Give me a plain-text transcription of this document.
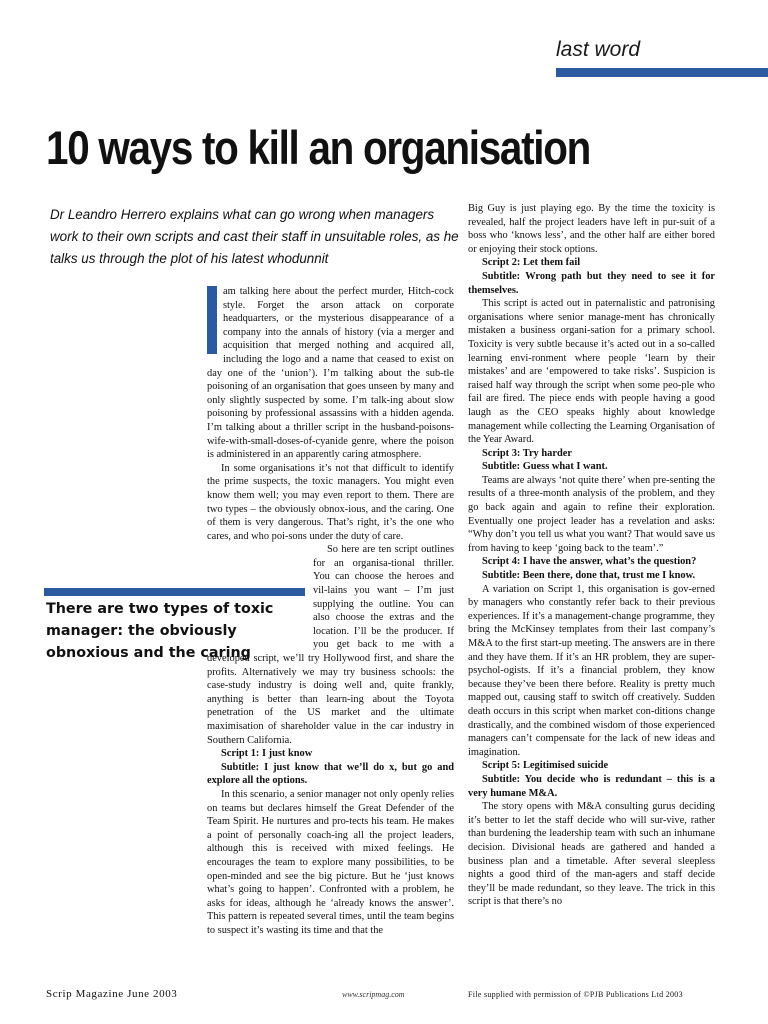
last word
10 ways to kill an organisation
Dr Leandro Herrero explains what can go wrong when managers work to their own scripts and cast their staff in unsuitable roles, as he talks us through the plot of his latest whodunnit

am talking here about the perfect murder, Hitch-cock style. Forget the arson attack on corporate headquarters, or the mysterious disappearance of a company into the annals of history (via a merger and acquisition that merged nothing and acquired all, including the logo and a name that ceased to exist on day one of the ‘union’). I’m talking about the sub-tle poisoning of an organisation that goes unseen by many and only slightly suspected by some. I’m talk-ing about slow poisoning by professional assassins with a hidden agenda. I’m talking about a thriller script in the husband-poisons-wife-with-small-doses-of-cyanide genre, where the poison is administered in an apparently caring atmosphere.

In some organisations it’s not that difficult to identify the prime suspects, the toxic managers. You might even know them well; you may even report to them. There are two types – the obviously obnox-ious, and the caring. One of them is very dangerous. That’s right, it’s the one who cares, and who poi-sons under the duty of care.

So here are ten script outlines for an organisa-tional thriller. You can choose the heroes and vil-lains you want – I’m just supplying the outline. You can also choose the extras and the location. I’ll be the producer. If you get back to me with a developed script, we’ll try Hollywood first, and share the profits. Alternatively we may try business schools: the case-study industry is doing well and, quite frankly, anything is better than learn-ing about the Toyota penetration of the US market and the ultimate maximisation of shareholder value in the car industry in Southern California.

Script 1: I just know

Subtitle: I just know that we’ll do x, but go and explore all the options.

In this scenario, a senior manager not only openly relies on teams but declares himself the Great Defender of the Team Spirit. He nurtures and pro-tects his team. He makes a point of personally coach-ing all the project leaders, although this is received with mixed feelings. He encourages the team to explore many possibilities, to be open-minded and see the big picture. But he ‘just knows what’s going to happen’. Confronted with a problem, he asks for ideas, although he ‘already knows the answer’. This pattern is repeated several times, until the team begins to suspect it’s wasting its time and that the

Big Guy is just playing ego. By the time the toxicity is revealed, half the project leaders have left in pur-suit of a boss who ‘knows less’, and the other half are either bored or enjoying their stock options.

Script 2: Let them fail

Subtitle: Wrong path but they need to see it for themselves.

This script is acted out in paternalistic and patronising organisations where senior manage-ment has chronically mistaken a business organi-sation for a primary school. Toxicity is very subtle because it’s acted out in a so-called learning envi-ronment where people ‘learn by their mistakes’ and are ‘empowered to take risks’. Suspicion is raised half way through the script when some peo-ple who fail are fired. The piece ends with people having a good laugh as the CEO speaks highly about knowledge management while collecting the Learning Organisation of the Year Award.

Script 3: Try harder

Subtitle: Guess what I want.

Teams are always ‘not quite there’ when pre-senting the results of a three-month analysis of the problem, and they go back again and again to refine their exploration. Eventually one project leader has a revelation and asks: “Why don’t you tell us what you want? That would save us from having to keep ‘going back to the team’.”

Script 4: I have the answer, what’s the question?

Subtitle: Been there, done that, trust me I know.

A variation on Script 1, this organisation is gov-erned by managers who constantly refer back to their previous experiences. If it’s a management-change programme, they bring the McKinsey templates from their last company’s M&A to the first start-up meeting. The answers are in there and they have them. If it’s an HR problem, they are super-psychol-ogists. If it’s a financial problem, they know because they’ve been there before. Reality is pretty much mapped out, causing staff to switch off creatively. Sudden death occurs in this script when market con-ditions change drastically, and the combined wisdom of those experienced managers can’t compensate for the lack of new ideas and imagination.

Script 5: Legitimised suicide

Subtitle: You decide who is redundant – this is a very humane M&A.

The story opens with M&A consulting gurus deciding it’s better to let the staff decide who will sur-vive, rather than burdening the leadership team with such an inhumane decision. Divisional heads are gathered and handed a business plan and a timetable. After several sleepless nights a good third of the man-agers and staff decide they’ll be made redundant, so they leave. The trick in this script is that there’s no

There are two types of toxic manager: the obviously obnoxious and the caring
Scrip Magazine June 2003	www.scripmag.com	File supplied with permission of ©PJB Publications Ltd 2003
